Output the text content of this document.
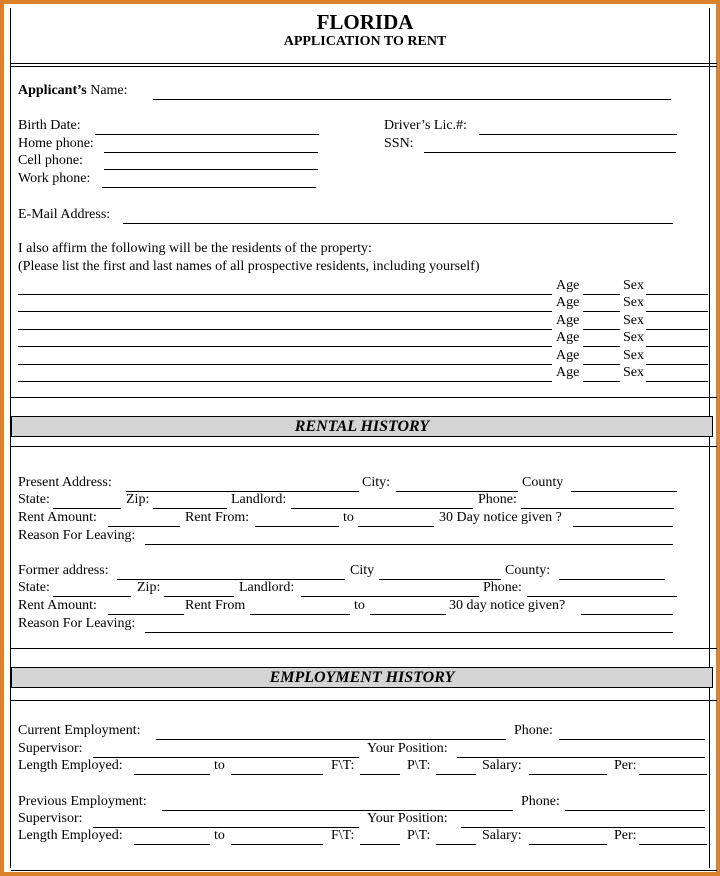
FLORIDA
APPLICATION TO RENT
Applicant’s Name:
Birth Date:	Driver’s Lic.#:
Home phone:	SSN:
Cell phone:
Work phone:
E-Mail Address:
I also affirm the following will be the residents of the property:
(Please list the first and last names of all prospective residents, including yourself)
Age	Sex
Age	Sex
Age	Sex
Age	Sex
Age	Sex
Age	Sex
RENTAL HISTORY
Present Address:	City:	County
State:	Zip:	Landlord:	Phone:
Rent Amount:	Rent From:	to	30 Day notice given ?
Reason For Leaving:
Former address:	City	County:
State:	Zip:	Landlord:	Phone:
Rent Amount:	Rent From	to	30 day notice given?
Reason For Leaving:
EMPLOYMENT HISTORY
Current Employment:	Phone:
Supervisor:	Your Position:
Length Employed:	to	F\T:	P\T:	Salary:	Per:
Previous Employment:	Phone:
Supervisor:	Your Position:
Length Employed:	to	F\T:	P\T:	Salary:	Per:
